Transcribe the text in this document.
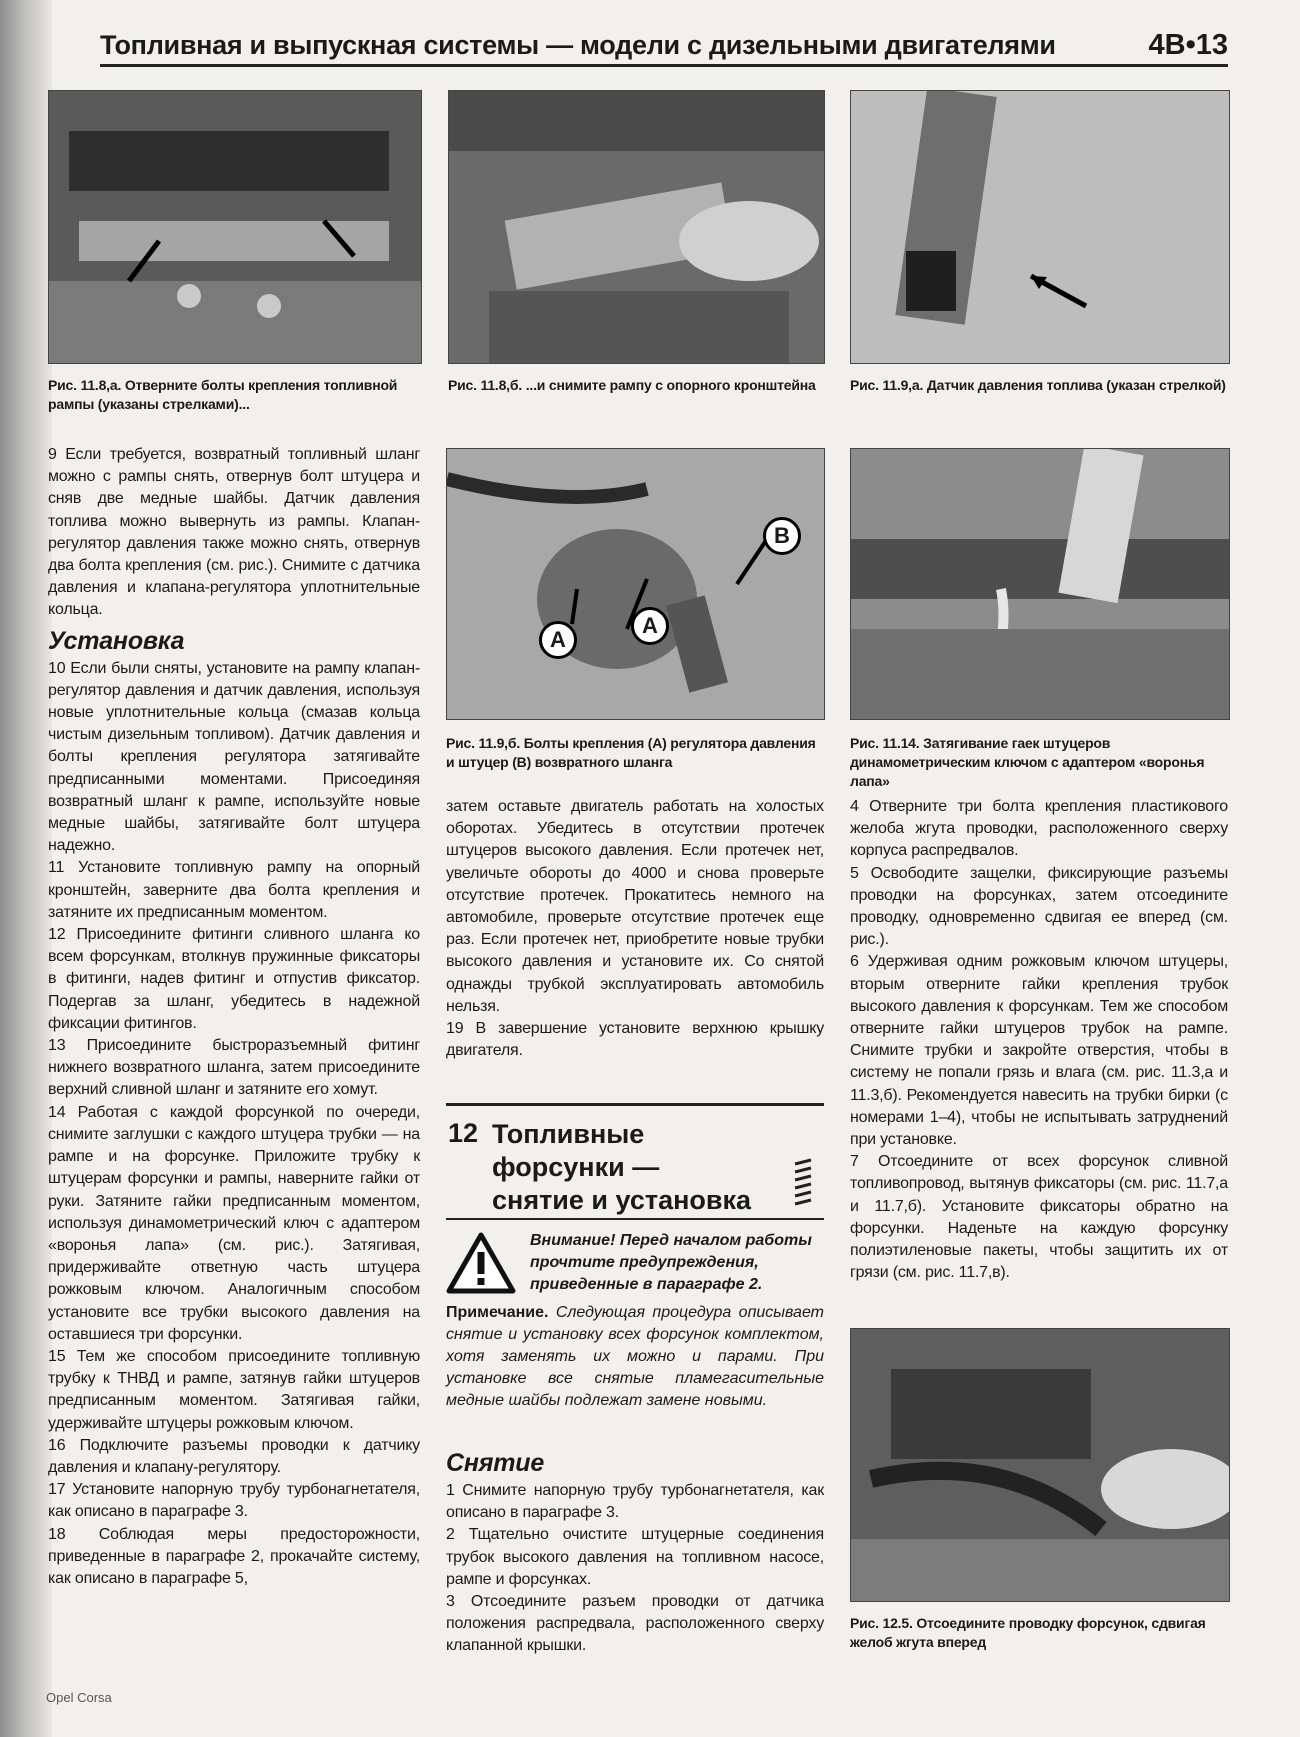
Топливная и выпускная системы — модели с дизельными двигателями	4B•13
Рис. 11.8,а. Отверните болты крепления топливной рампы (указаны стрелками)...
Рис. 11.8,б. ...и снимите рампу с опорного кронштейна	Рис. 11.9,а. Датчик давления топлива (указан стрелкой)
A
A
B
Рис. 11.9,б. Болты крепления (А) регулятора давления и штуцер (В) возвратного шланга
Рис. 11.14. Затягивание гаек штуцеров динамометрическим ключом с адаптером «воронья лапа»

9 Если требуется, возвратный топливный шланг можно с рампы снять, отвернув болт штуцера и сняв две медные шайбы. Датчик давления топлива можно вывернуть из рампы. Клапан-регулятор давления также можно снять, отвернув два болта крепления (см. рис.). Снимите с датчика давления и клапана-регулятора уплотнительные кольца.

Установка

10 Если были сняты, установите на рампу клапан-регулятор давления и датчик давления, используя новые уплотнительные кольца (смазав кольца чистым дизельным топливом). Датчик давления и болты крепления регулятора затягивайте предписанными моментами. Присоединяя возвратный шланг к рампе, используйте новые медные шайбы, затягивайте болт штуцера надежно.

11 Установите топливную рампу на опорный кронштейн, заверните два болта крепления и затяните их предписанным моментом.

12 Присоедините фитинги сливного шланга ко всем форсункам, втолкнув пружинные фиксаторы в фитинги, надев фитинг и отпустив фиксатор. Подергав за шланг, убедитесь в надежной фиксации фитингов.

13 Присоедините быстроразъемный фитинг нижнего возвратного шланга, затем присоедините верхний сливной шланг и затяните его хомут.

14 Работая с каждой форсункой по очереди, снимите заглушки с каждого штуцера трубки — на рампе и на форсунке. Приложите трубку к штуцерам форсунки и рампы, наверните гайки от руки. Затяните гайки предписанным моментом, используя динамометрический ключ с адаптером «воронья лапа» (см. рис.). Затягивая, придерживайте ответную часть штуцера рожковым ключом. Аналогичным способом установите все трубки высокого давления на оставшиеся три форсунки.

15 Тем же способом присоедините топливную трубку к ТНВД и рампе, затянув гайки штуцеров предписанным моментом. Затягивая гайки, удерживайте штуцеры рожковым ключом.

16 Подключите разъемы проводки к датчику давления и клапану-регулятору.

17 Установите напорную трубу турбонагнетателя, как описано в параграфе 3.

18 Соблюдая меры предосторожности, приведенные в параграфе 2, прокачайте систему, как описано в параграфе 5,

затем оставьте двигатель работать на холостых оборотах. Убедитесь в отсутствии протечек штуцеров высокого давления. Если протечек нет, увеличьте обороты до 4000 и снова проверьте отсутствие протечек. Прокатитесь немного на автомобиле, проверьте отсутствие протечек еще раз. Если протечек нет, приобретите новые трубки высокого давления и установите их. Со снятой однажды трубкой эксплуатировать автомобиль нельзя.

19 В завершение установите верхнюю крышку двигателя.

12 Топливные
форсунки —
снятие и установка
Внимание! Перед началом работы прочтите предупреждения, приведенные в параграфе 2.
Примечание. Следующая процедура описывает снятие и установку всех форсунок комплектом, хотя заменять их можно и парами. При установке все снятые пламегасительные медные шайбы подлежат замене новыми.
Снятие

1 Снимите напорную трубу турбонагнетателя, как описано в параграфе 3.

2 Тщательно очистите штуцерные соединения трубок высокого давления на топливном насосе, рампе и форсунках.

3 Отсоедините разъем проводки от датчика положения распредвала, расположенного сверху клапанной крышки.

4 Отверните три болта крепления пластикового желоба жгута проводки, расположенного сверху корпуса распредвалов.

5 Освободите защелки, фиксирующие разъемы проводки на форсунках, затем отсоедините проводку, одновременно сдвигая ее вперед (см. рис.).

6 Удерживая одним рожковым ключом штуцеры, вторым отверните гайки крепления трубок высокого давления к форсункам. Тем же способом отверните гайки штуцеров трубок на рампе. Снимите трубки и закройте отверстия, чтобы в систему не попали грязь и влага (см. рис. 11.3,а и 11.3,б). Рекомендуется навесить на трубки бирки (с номерами 1–4), чтобы не испытывать затруднений при установке.

7 Отсоедините от всех форсунок сливной топливопровод, вытянув фиксаторы (см. рис. 11.7,а и 11.7,б). Установите фиксаторы обратно на форсунки. Наденьте на каждую форсунку полиэтиленовые пакеты, чтобы защитить их от грязи (см. рис. 11.7,в).

Рис. 12.5. Отсоедините проводку форсунок, сдвигая желоб жгута вперед
Opel Corsa
